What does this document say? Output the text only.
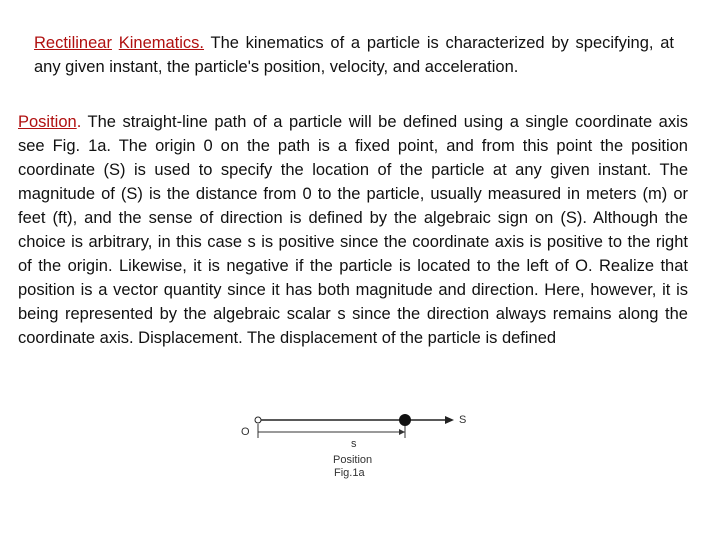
Rectilinear Kinematics. The kinematics of a particle is characterized by specifying, at any given instant, the particle's position, velocity, and acceleration.
Position. The straight-line path of a particle will be defined using a single coordinate axis see Fig. 1a. The origin 0 on the path is a fixed point, and from this point the position coordinate (S) is used to specify the location of the particle at any given instant. The magnitude of (S) is the distance from 0 to the particle, usually measured in meters (m) or feet (ft), and the sense of direction is defined by the algebraic sign on (S). Although the choice is arbitrary, in this case s is positive since the coordinate axis is positive to the right of the origin. Likewise, it is negative if the particle is located to the left of O. Realize that position is a vector quantity since it has both magnitude and direction. Here, however, it is being represented by the algebraic scalar s since the direction always remains along the coordinate axis. Displacement. The displacement of the particle is defined
O
S
s
Position
Fig.1a
